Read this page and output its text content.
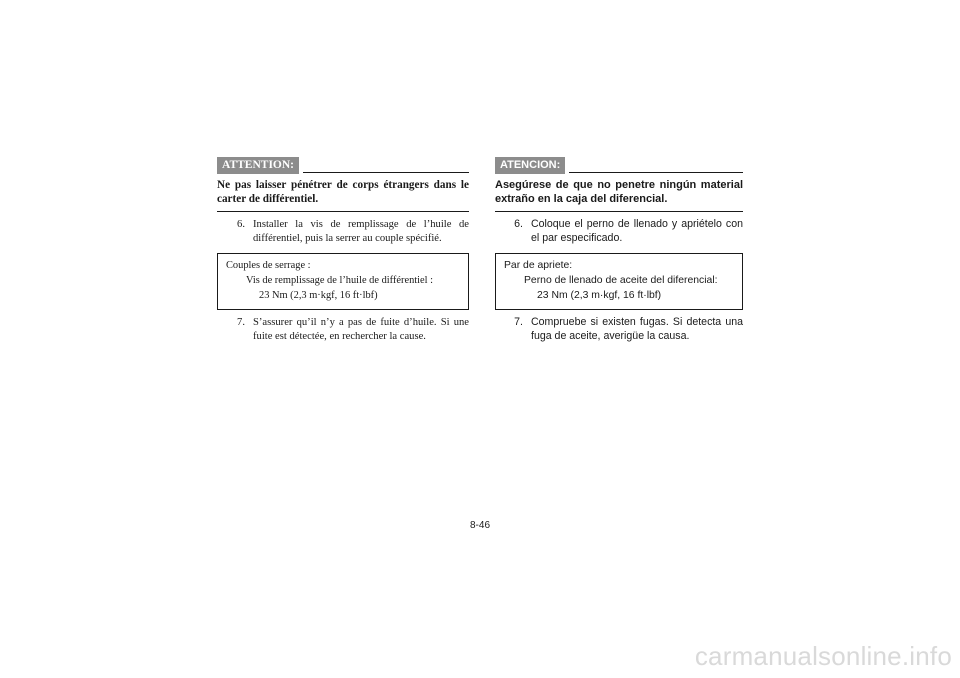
ATTENTION:

Ne pas laisser pénétrer de corps étrangers dans le carter de différentiel.

6. Installer la vis de remplissage de l’huile de différentiel, puis la serrer au couple spécifié.
Couples de serrage :
Vis de remplissage de l’huile de différentiel :
23 Nm (2,3 m·kgf, 16 ft·lbf)
7. S’assurer qu’il n’y a pas de fuite d’huile. Si une fuite est détectée, en rechercher la cause.
ATENCION:

Asegúrese de que no penetre ningún material extraño en la caja del diferencial.

6. Coloque el perno de llenado y apriételo con el par especificado.
Par de apriete:
Perno de llenado de aceite del diferencial:
23 Nm (2,3 m·kgf, 16 ft·lbf)
7. Compruebe si existen fugas. Si detecta una fuga de aceite, averigüe la causa.
8-46
carmanualsonline.info
